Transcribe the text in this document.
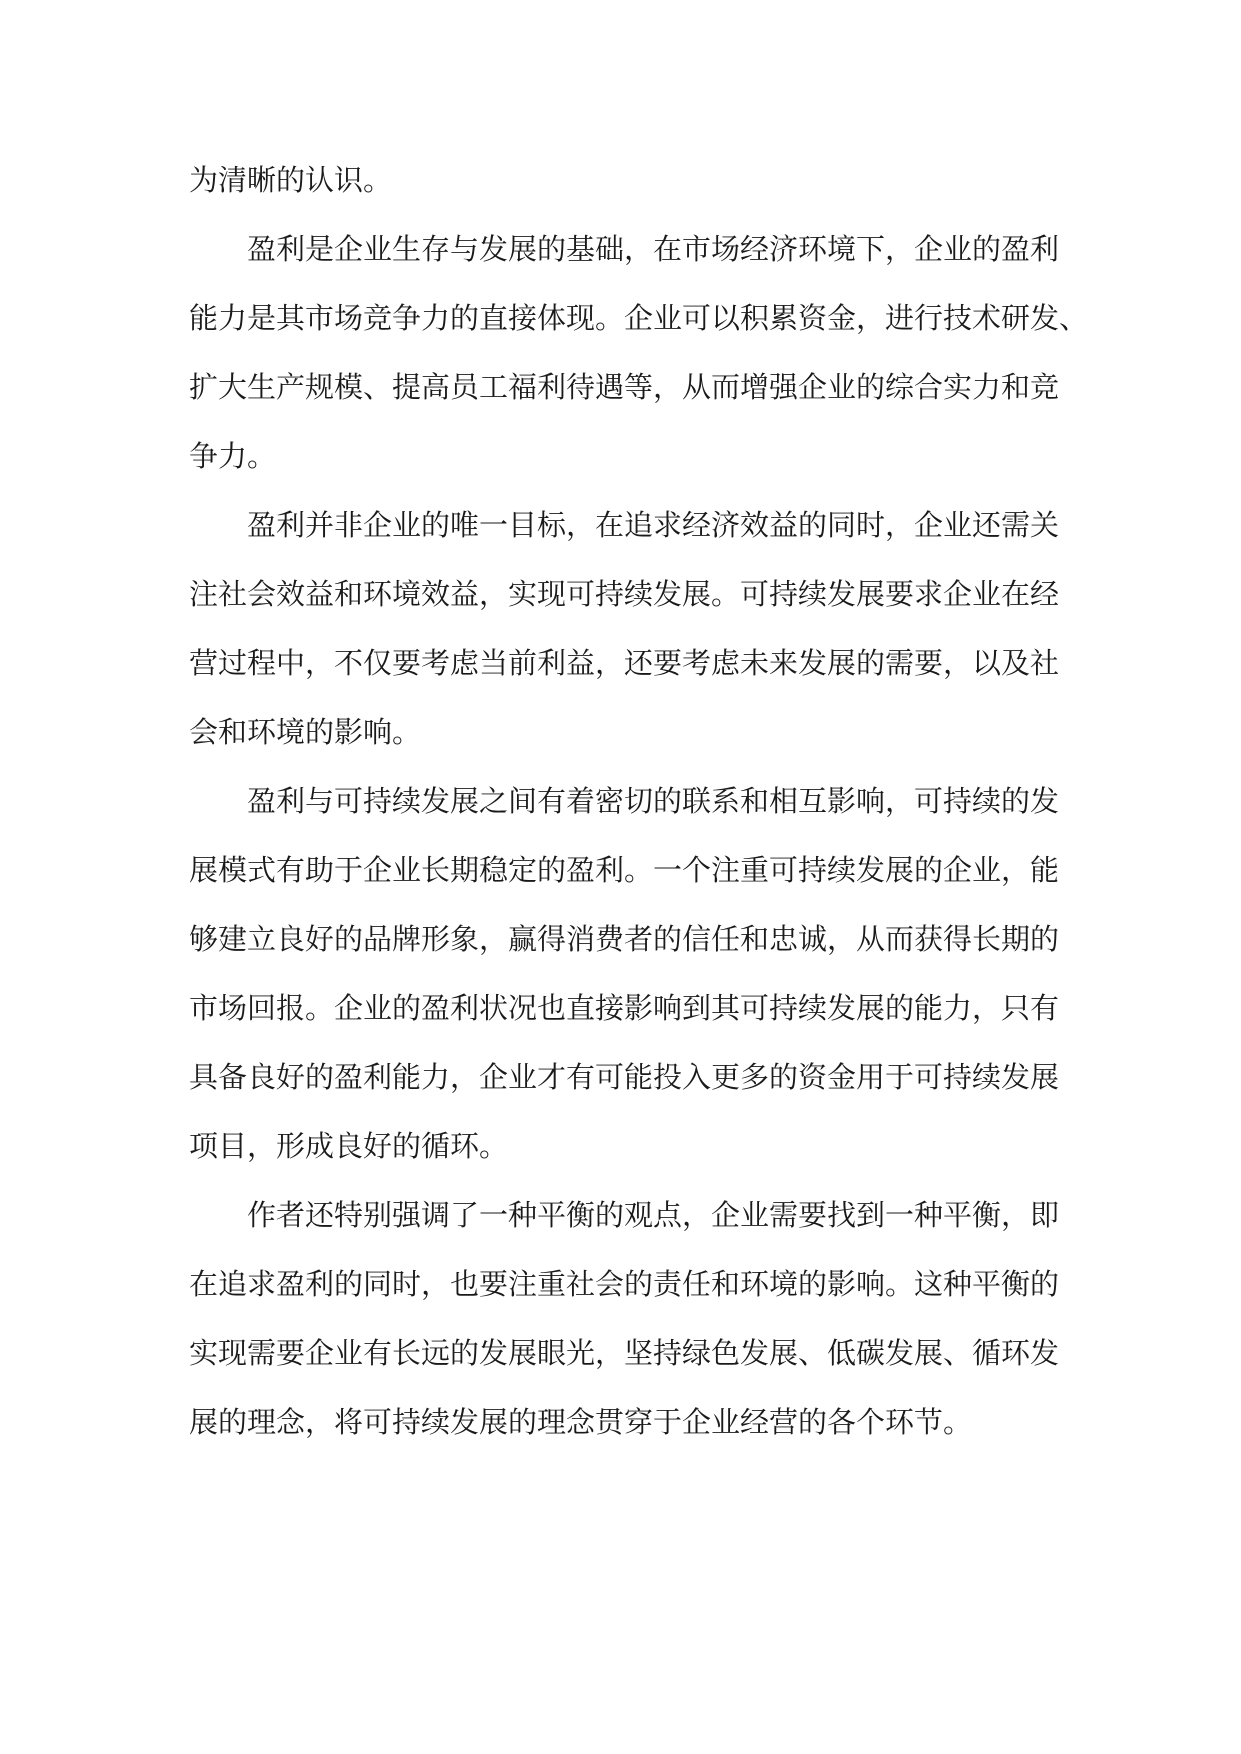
为清晰的认识。
盈利是企业生存与发展的基础，在市场经济环境下，企业的盈利
能力是其市场竞争力的直接体现。企业可以积累资金，进行技术研发、
扩大生产规模、提高员工福利待遇等，从而增强企业的综合实力和竞
争力。
盈利并非企业的唯一目标，在追求经济效益的同时，企业还需关
注社会效益和环境效益，实现可持续发展。可持续发展要求企业在经
营过程中，不仅要考虑当前利益，还要考虑未来发展的需要，以及社
会和环境的影响。
盈利与可持续发展之间有着密切的联系和相互影响，可持续的发
展模式有助于企业长期稳定的盈利。一个注重可持续发展的企业，能
够建立良好的品牌形象，赢得消费者的信任和忠诚，从而获得长期的
市场回报。企业的盈利状况也直接影响到其可持续发展的能力，只有
具备良好的盈利能力，企业才有可能投入更多的资金用于可持续发展
项目，形成良好的循环。
作者还特别强调了一种平衡的观点，企业需要找到一种平衡，即
在追求盈利的同时，也要注重社会的责任和环境的影响。这种平衡的
实现需要企业有长远的发展眼光，坚持绿色发展、低碳发展、循环发
展的理念，将可持续发展的理念贯穿于企业经营的各个环节。
